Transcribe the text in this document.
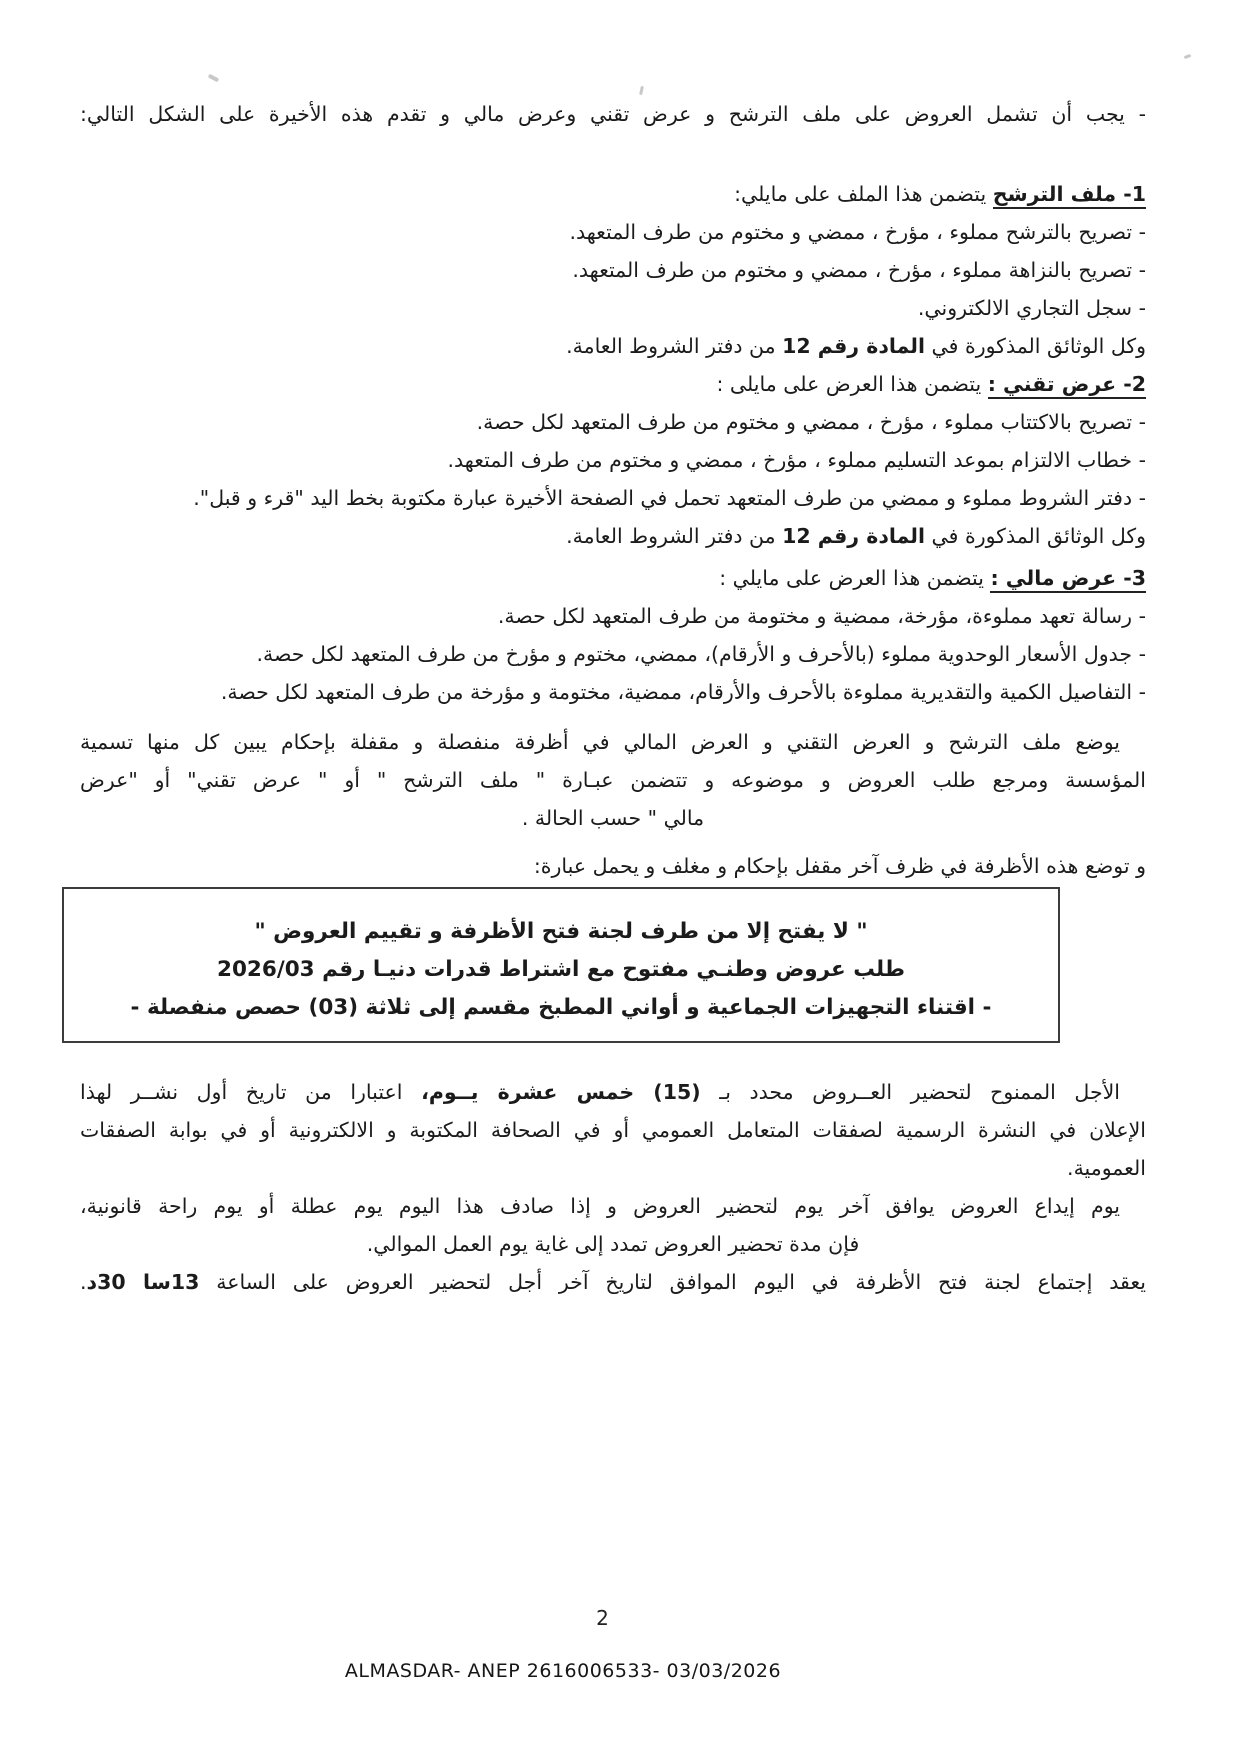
- يجب أن تشمل العروض على ملف الترشح و عرض تقني وعرض مالي و تقدم هذه الأخيرة على الشكل التالي:
1- ملف الترشح يتضمن هذا الملف على مايلي:
- تصريح بالترشح مملوء ، مؤرخ ، ممضي و مختوم من طرف المتعهد.
- تصريح بالنزاهة مملوء ، مؤرخ ، ممضي و مختوم من طرف المتعهد.
- سجل التجاري الالكتروني.
وكل الوثائق المذكورة في المادة رقم 12 من دفتر الشروط العامة.
2- عرض تقني : يتضمن هذا العرض على مايلى :
- تصريح بالاكتتاب مملوء ، مؤرخ ، ممضي و مختوم من طرف المتعهد لكل حصة.
- خطاب الالتزام بموعد التسليم مملوء ، مؤرخ ، ممضي و مختوم من طرف المتعهد.
- دفتر الشروط مملوء و ممضي من طرف المتعهد تحمل في الصفحة الأخيرة عبارة مكتوبة بخط اليد "قرء و قبل".
وكل الوثائق المذكورة في المادة رقم 12 من دفتر الشروط العامة.
3- عرض مالي : يتضمن هذا العرض على مايلي :
- رسالة تعهد مملوءة، مؤرخة، ممضية و مختومة من طرف المتعهد لكل حصة.
- جدول الأسعار الوحدوية مملوء (بالأحرف و الأرقام)، ممضي، مختوم و مؤرخ من طرف المتعهد لكل حصة.
- التفاصيل الكمية والتقديرية مملوءة بالأحرف والأرقام، ممضية، مختومة و مؤرخة من طرف المتعهد لكل حصة.
يوضع ملف الترشح و العرض التقني و العرض المالي في أظرفة منفصلة و مقفلة بإحكام يبين كل منها تسمية
المؤسسة ومرجع طلب العروض و موضوعه و تتضمن عبـارة " ملف الترشح " أو " عرض تقني" أو "عرض
مالي " حسب الحالة .
و توضع هذه الأظرفة في ظرف آخر مقفل بإحكام و مغلف و يحمل عبارة:
" لا يفتح إلا من طرف لجنة فتح الأظرفة و تقييم العروض "
طلب عروض وطنـي مفتوح مع اشتراط قدرات دنيـا رقم 2026/03
- اقتناء التجهيزات الجماعية و أواني المطبخ مقسم إلى ثلاثة (03) حصص منفصلة -
الأجل الممنوح لتحضير العــروض محدد بـ (15) خمس عشرة يــوم، اعتبارا من تاريخ أول نشــر لهذا
الإعلان في النشرة الرسمية لصفقات المتعامل العمومي أو في الصحافة المكتوبة و الالكترونية أو في بوابة الصفقات
العمومية.
يوم إيداع العروض يوافق آخر يوم لتحضير العروض و إذا صادف هذا اليوم يوم عطلة أو يوم راحة قانونية،
فإن مدة تحضير العروض تمدد إلى غاية يوم العمل الموالي.
يعقد إجتماع لجنة فتح الأظرفة في اليوم الموافق لتاريخ آخر أجل لتحضير العروض على الساعة 13سا 30د.
2
ALMASDAR- ANEP 2616006533- 03/03/2026
